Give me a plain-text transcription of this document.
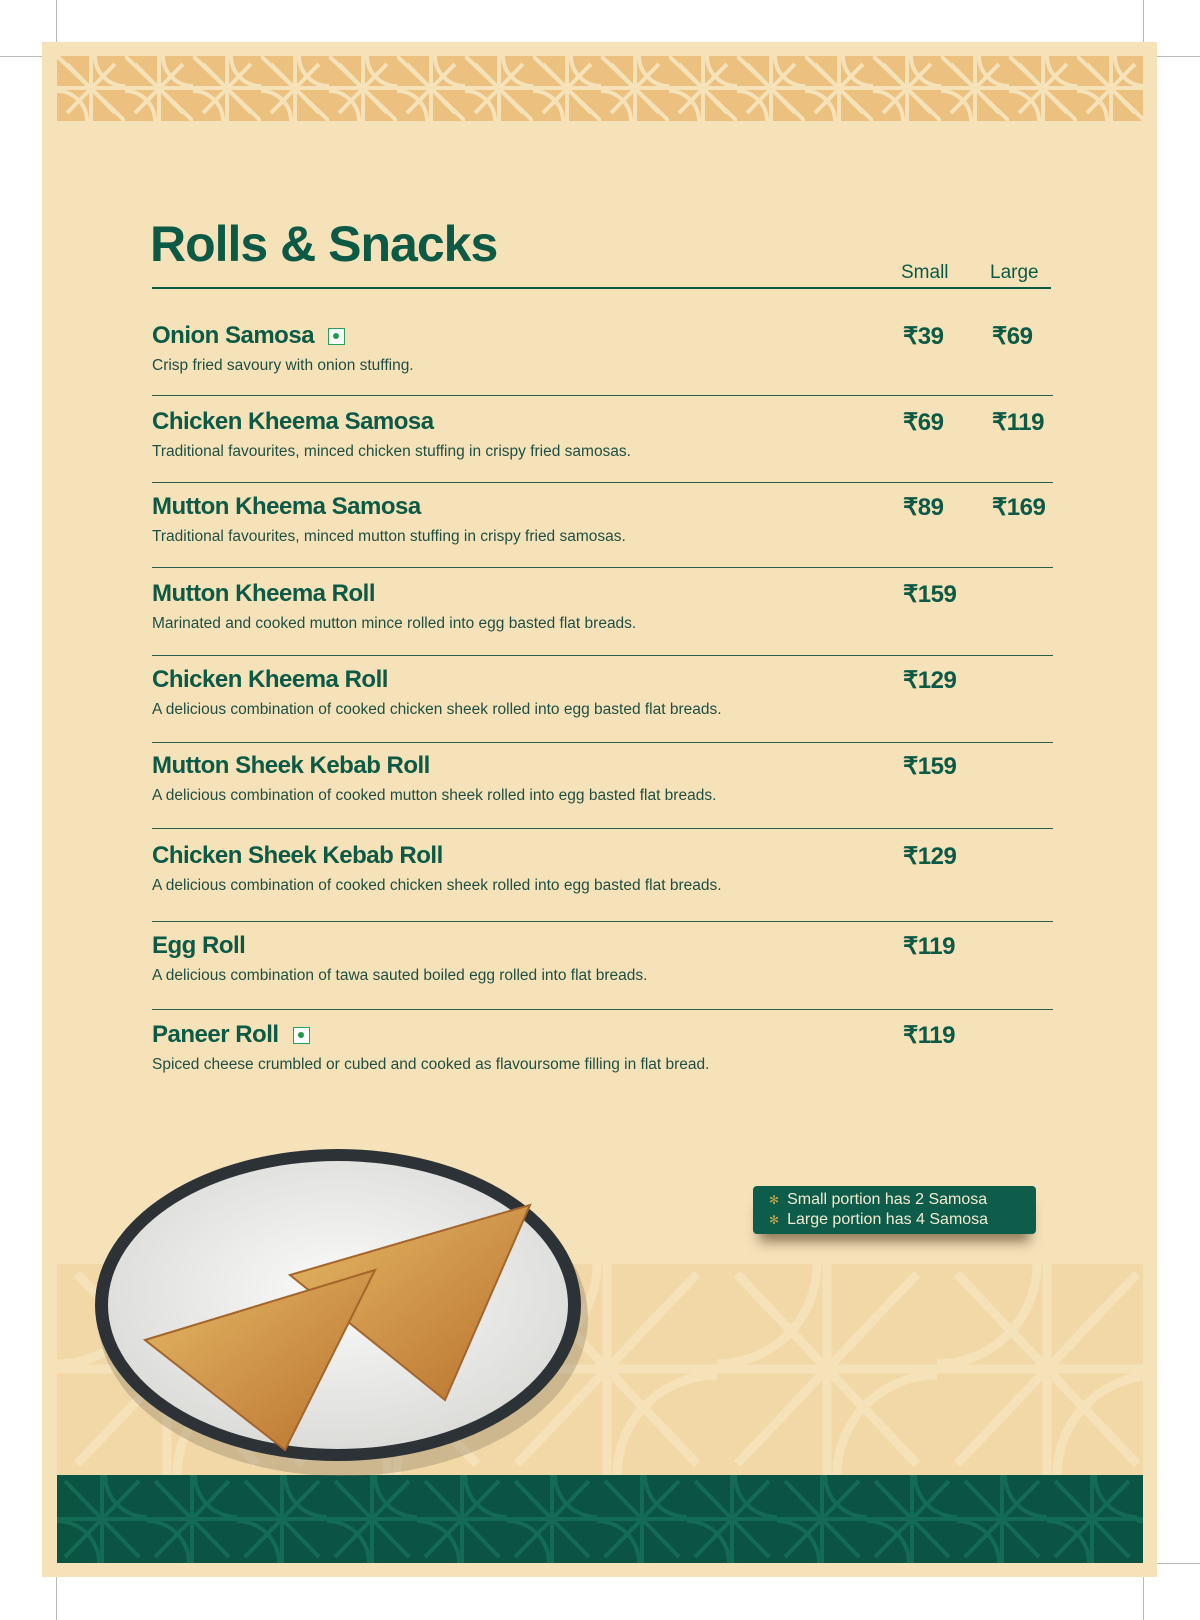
Rolls & Snacks
Small Large
Onion Samosa
Crisp fried savoury with onion stuffing.
₹39 ₹69
Chicken Kheema Samosa
Traditional favourites, minced chicken stuffing in crispy fried samosas.
₹69 ₹119
Mutton Kheema Samosa
Traditional favourites, minced mutton stuffing in crispy fried samosas.
₹89 ₹169
Mutton Kheema Roll
Marinated and cooked mutton mince rolled into egg basted flat breads.
₹159
Chicken Kheema Roll
A delicious combination of cooked chicken sheek rolled into egg basted flat breads.
₹129
Mutton Sheek Kebab Roll
A delicious combination of cooked mutton sheek rolled into egg basted flat breads.
₹159
Chicken Sheek Kebab Roll
A delicious combination of cooked chicken sheek rolled into egg basted flat breads.
₹129
Egg Roll
A delicious combination of tawa sauted boiled egg rolled into flat breads.
₹119
Paneer Roll
Spiced cheese crumbled or cubed and cooked as flavoursome filling in flat bread.
₹119
✻ Small portion has 2 Samosa
✻ Large portion has 4 Samosa
